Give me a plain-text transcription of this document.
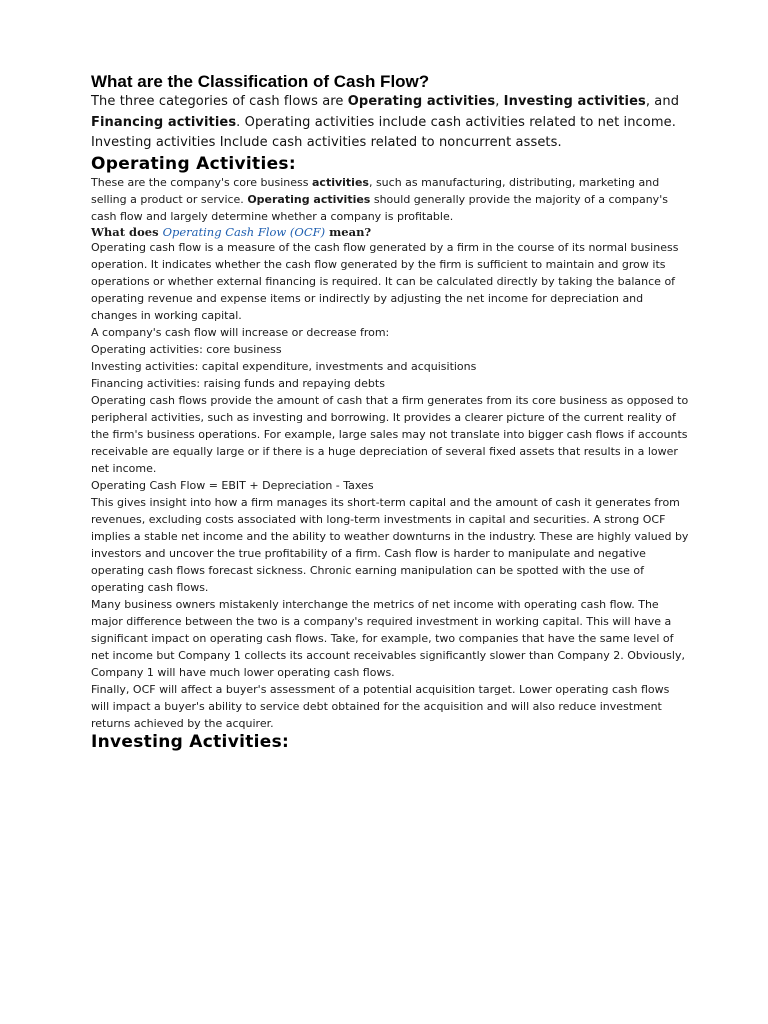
What are the Classification of Cash Flow?

The three categories of cash flows are Operating activities, Investing activities, and Financing activities. Operating activities include cash activities related to net income. Investing activities Include cash activities related to noncurrent assets.

Operating Activities:

These are the company's core business activities, such as manufacturing, distributing, marketing and selling a product or service. Operating activities should generally provide the majority of a company's cash flow and largely determine whether a company is profitable.

What does Operating Cash Flow (OCF) mean?

Operating cash flow is a measure of the cash flow generated by a firm in the course of its normal business operation. It indicates whether the cash flow generated by the firm is sufficient to maintain and grow its operations or whether external financing is required. It can be calculated directly by taking the balance of operating revenue and expense items or indirectly by adjusting the net income for depreciation and changes in working capital.

A company's cash flow will increase or decrease from:

Operating activities: core business

Investing activities: capital expenditure, investments and acquisitions

Financing activities: raising funds and repaying debts

Operating cash flows provide the amount of cash that a firm generates from its core business as opposed to peripheral activities, such as investing and borrowing. It provides a clearer picture of the current reality of the firm's business operations. For example, large sales may not translate into bigger cash flows if accounts receivable are equally large or if there is a huge depreciation of several fixed assets that results in a lower net income.

Operating Cash Flow = EBIT + Depreciation - Taxes

This gives insight into how a firm manages its short-term capital and the amount of cash it generates from revenues, excluding costs associated with long-term investments in capital and securities. A strong OCF implies a stable net income and the ability to weather downturns in the industry. These are highly valued by investors and uncover the true profitability of a firm. Cash flow is harder to manipulate and negative operating cash flows forecast sickness. Chronic earning manipulation can be spotted with the use of operating cash flows.

Many business owners mistakenly interchange the metrics of net income with operating cash flow. The major difference between the two is a company's required investment in working capital. This will have a significant impact on operating cash flows. Take, for example, two companies that have the same level of net income but Company 1 collects its account receivables significantly slower than Company 2. Obviously, Company 1 will have much lower operating cash flows.

Finally, OCF will affect a buyer's assessment of a potential acquisition target. Lower operating cash flows will impact a buyer's ability to service debt obtained for the acquisition and will also reduce investment returns achieved by the acquirer.

Investing Activities:
